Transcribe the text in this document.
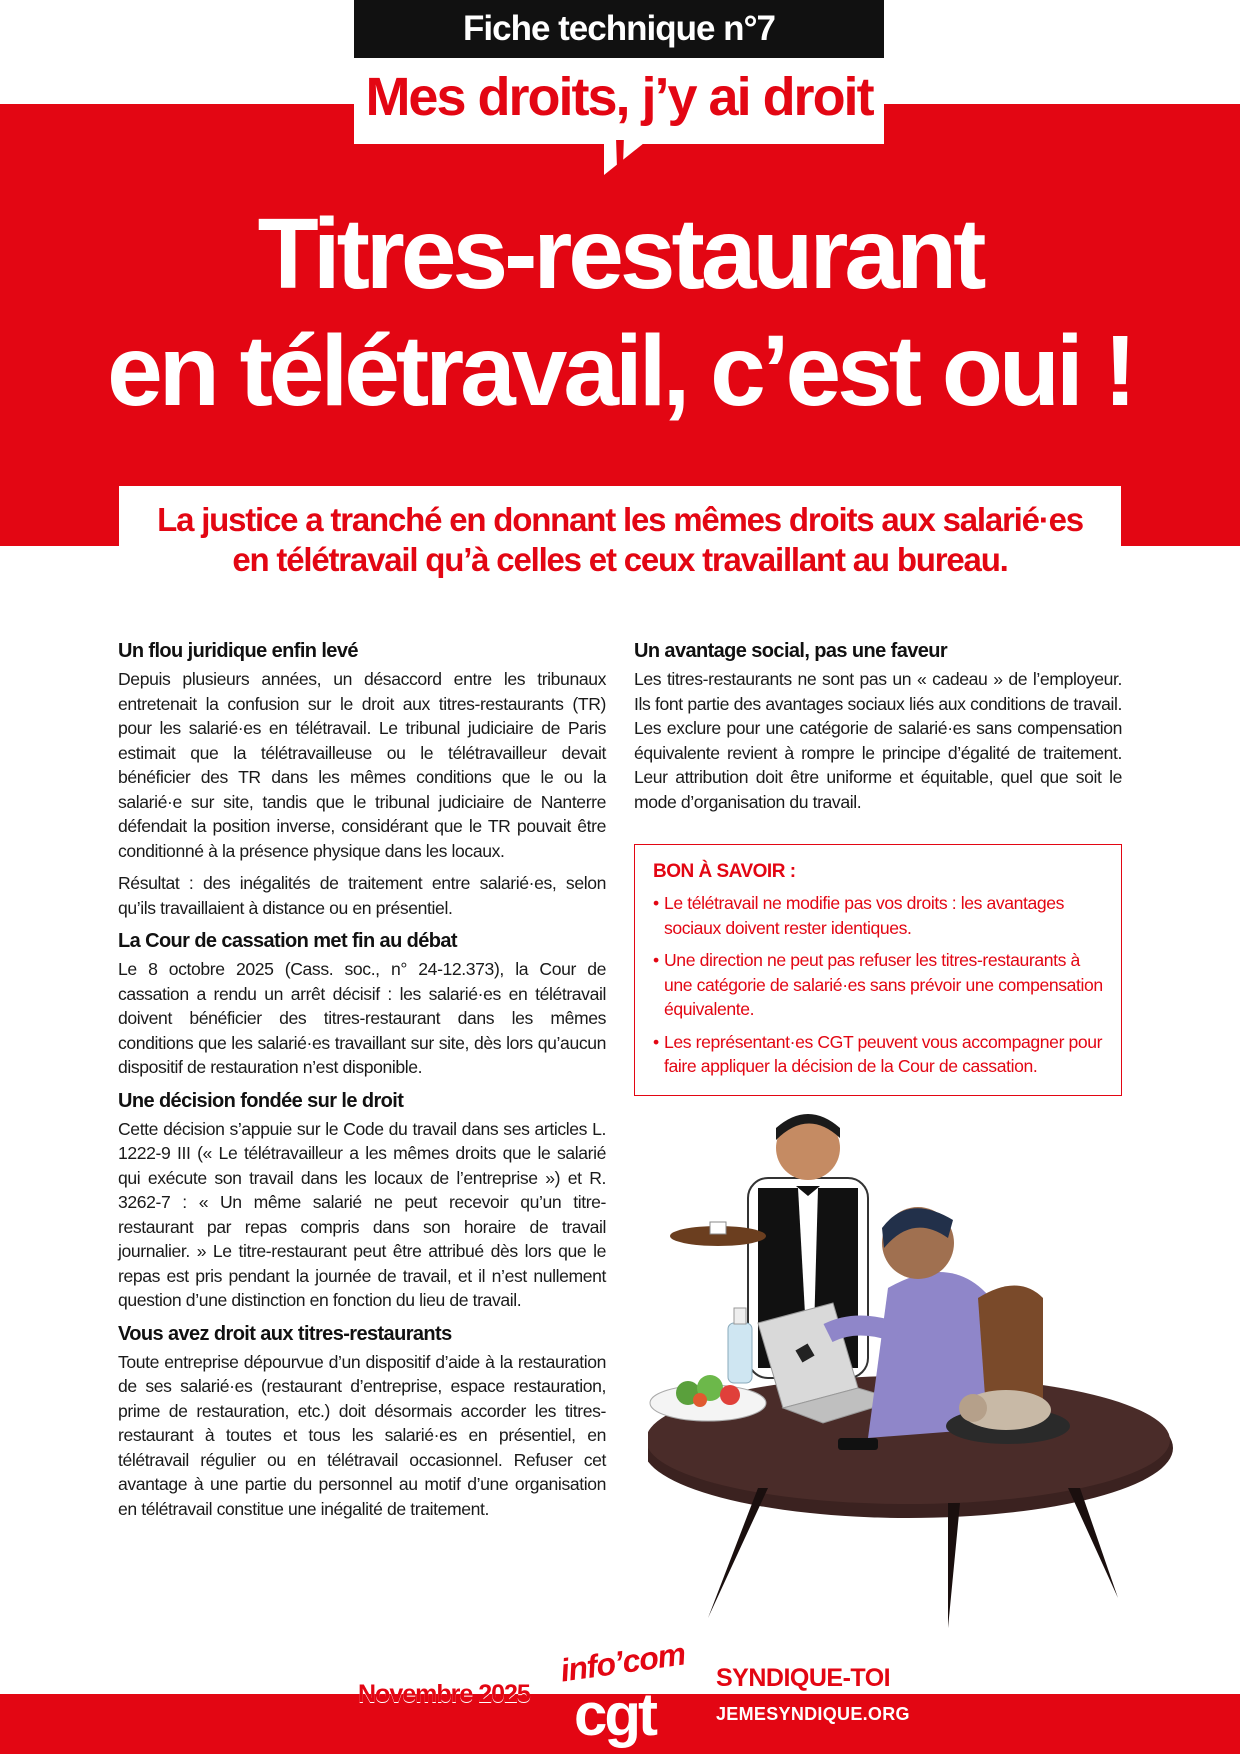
Fiche technique n°7
Mes droits, j’y ai droit !
Titres-restaurant
en télétravail, c’est oui !
La justice a tranché en donnant les mêmes droits aux salarié·es
en télétravail qu’à celles et ceux travaillant au bureau.
Un flou juridique enfin levé

Depuis plusieurs années, un désaccord entre les tribunaux entretenait la confusion sur le droit aux titres-restaurants (TR) pour les salarié·es en télétravail. Le tribunal judiciaire de Paris estimait que la télétravailleuse ou le télétravailleur devait bénéficier des TR dans les mêmes conditions que le ou la salarié·e sur site, tandis que le tribunal judiciaire de Nanterre défendait la position inverse, considérant que le TR pouvait être conditionné à la présence physique dans les locaux.

Résultat : des inégalités de traitement entre salarié·es, selon qu’ils travaillaient à distance ou en présentiel.

La Cour de cassation met fin au débat

Le 8 octobre 2025 (Cass. soc., n° 24-12.373), la Cour de cassation a rendu un arrêt décisif : les salarié·es en télétravail doivent bénéficier des titres-restaurant dans les mêmes conditions que les salarié·es travaillant sur site, dès lors qu’aucun dispositif de restauration n’est disponible.

Une décision fondée sur le droit

Cette décision s’appuie sur le Code du travail dans ses articles L. 1222-9 III (« Le télétravailleur a les mêmes droits que le salarié qui exécute son travail dans les locaux de l’entreprise ») et R. 3262-7 : « Un même salarié ne peut recevoir qu’un titre-restaurant par repas compris dans son horaire de travail journalier. » Le titre-restaurant peut être attribué dès lors que le repas est pris pendant la journée de travail, et il n’est nullement question d’une distinction en fonction du lieu de travail.

Vous avez droit aux titres-restaurants

Toute entreprise dépourvue d’un dispositif d’aide à la restauration de ses salarié·es (restaurant d’entreprise, espace restauration, prime de restauration, etc.) doit désormais accorder les titres-restaurant à toutes et tous les salarié·es en présentiel, en télétravail régulier ou en télétravail occasionnel. Refuser cet avantage à une partie du personnel au motif d’une organisation en télétravail constitue une inégalité de traitement.

Un avantage social, pas une faveur

Les titres-restaurants ne sont pas un « cadeau » de l’employeur. Ils font partie des avantages sociaux liés aux conditions de travail. Les exclure pour une catégorie de salarié·es sans compensation équivalente revient à rompre le principe d’égalité de traitement. Leur attribution doit être uniforme et équitable, quel que soit le mode d’organisation du travail.

BON À SAVOIR :
• Le télétravail ne modifie pas vos droits : les avantages sociaux doivent rester identiques.
• Une direction ne peut pas refuser les titres-restaurants à une catégorie de salarié·es sans prévoir une compensation équivalente.
• Les représentant·es CGT peuvent vous accompagner pour faire appliquer la décision de la Cour de cassation.
Novembre 2025
info’com
cgt
SYNDIQUE-TOI
JEMESYNDIQUE.ORG
